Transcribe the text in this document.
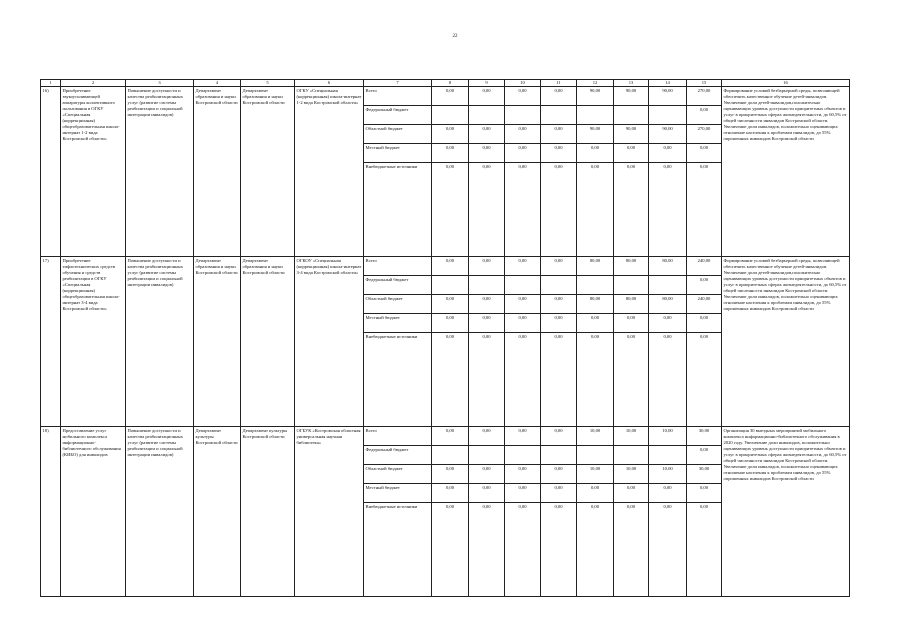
22
1	2	3	4	5	6	7	8	9	10	11	12	13	14	15	16
16)	Приобретение звукоусиливающей аппаратуры коллективного пользования в ОГКУ «Специальная (коррекционная) общеобразовательная школа-интернат 1-2 вида Костромской области»	Повышение доступности и качества реабилитационных услуг (развитие системы реабилитации и социальной интеграции инвалидов)	Департамент образования и науки Костромской области	Департамент образования и науки Костромской области	ОГКУ «Специальная (коррекционная) школа-интернат 1-2 вида Костромской области»	Всего	0,00	0,00	0,00	0,00	90,00	90,00	90,00	270,00	Формирование условий безбарьерной среды, позволяющей обеспечить качественное обучение детей-инвалидов. Увеличение доли детей-инвалидов,положительно оценивающих уровень доступности приоритетных объектов и услуг в приоритетных сферах жизнедеятельности, до 60,5% от общей численности инвалидов Костромской области. Увеличение доли инвалидов, положительно оценивающих отношение населения к проблемам инвалидов, до 55% опрошенных инвалидов Костромской области
						Федеральный бюджет								0,00	
						Областной бюджет	0,00	0,00	0,00	0,00	90,00	90,00	90,00	270,00	
						Местный бюджет	0,00	0,00	0,00	0,00	0,00	0,00	0,00	0,00	
						Внебюджетные источники	0,00	0,00	0,00	0,00	0,00	0,00	0,00	0,00	
17)	Приобретение тифлотехнических средств обучения и средств реабилитации в ОГКУ «Специальная (коррекционная) общеобразовательная школа-интернат 3-4 вида Костромской области»	Повышение доступности и качества реабилитационных услуг (развитие системы реабилитации и социальной интеграции инвалидов)	Департамент образования и науки Костромской области	Департамент образования и науки Костромской области	ОГКОУ «Специальная (коррекционная) школа-интернат 3-4 вида Костромской области»	Всего	0,00	0,00	0,00	0,00	80,00	80,00	80,00	240,00	Формирование условий безбарьерной среды, позволяющей обеспечить качественное обучение детей-инвалидов. Увеличение доли детей-инвалидов,положительно оценивающих уровень доступности приоритетных объектов и услуг в приоритетных сферах жизнедеятельности, до 60,5% от общей численности инвалидов Костромской области. Увеличение доли инвалидов, положительно оценивающих отношение населения к проблемам инвалидов, до 55% опрошенных инвалидов Костромской области
						Федеральный бюджет								0,00	
						Областной бюджет	0,00	0,00	0,00	0,00	80,00	80,00	80,00	240,00	
						Местный бюджет	0,00	0,00	0,00	0,00	0,00	0,00	0,00	0,00	
						Внебюджетные источники	0,00	0,00	0,00	0,00	0,00	0,00	0,00	0,00	
18)	Предоставление услуг мобильного комплекса информационно-библиотечного обслуживания (КИБО) для инвалидов	Повышение доступности и качества реабилитационных услуг (развитие системы реабилитации и социальной интеграции инвалидов)	Департамент культуры Костромской области	Департамент культуры Костромской области	ОГБУК «Костромская областная универсальная научная библиотека»	Всего	0,00	0,00	0,00	0,00	10,00	10,00	10,00	30,00	Организация 30 выездных мероприятий мобильного комплекса информационно-библиотечного обслуживания в 2020 году. Увеличение доли инвалидов, положительно оценивающих уровень доступности приоритетных объектов и услуг в приоритетных сферах жизнедеятельности, до 60,5% от общей численности инвалидов Костромской области. Увеличение доли инвалидов, положительно оценивающих отношение населения к проблемам инвалидов, до 55% опрошенных инвалидов Костромской области
						Федеральный бюджет								0,00	
						Областной бюджет	0,00	0,00	0,00	0,00	10,00	10,00	10,00	30,00	
						Местный бюджет	0,00	0,00	0,00	0,00	0,00	0,00	0,00	0,00	
						Внебюджетные источники	0,00	0,00	0,00	0,00	0,00	0,00	0,00	0,00	
